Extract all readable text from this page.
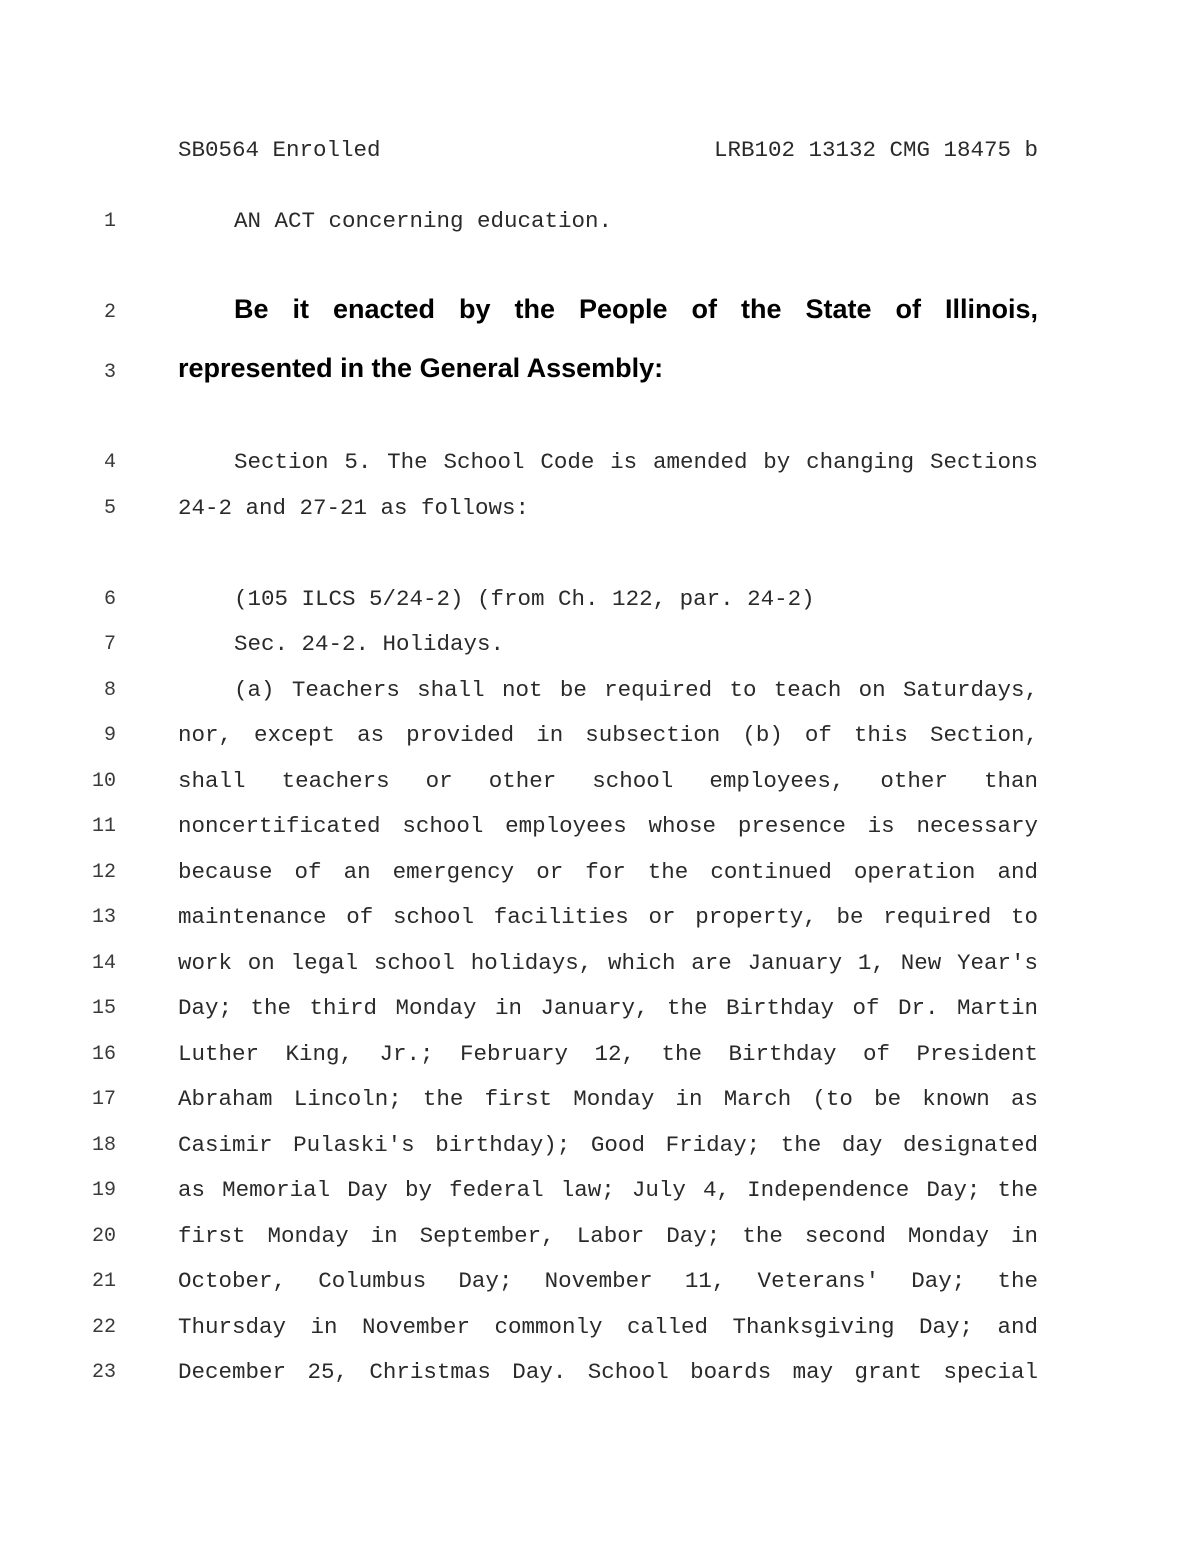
SB0564 Enrolled	LRB102 13132 CMG 18475 b
1	AN ACT concerning education.
2	Be it enacted by the People of the State of Illinois,
3 represented in the General Assembly:
4	Section 5. The School Code is amended by changing Sections
5	24-2 and 27-21 as follows:
6	(105 ILCS 5/24-2) (from Ch. 122, par. 24-2)
7	Sec. 24-2. Holidays.
8	(a) Teachers shall not be required to teach on Saturdays,
9	nor, except as provided in subsection (b) of this Section,
10	shall teachers or other school employees, other than
11	noncertificated school employees whose presence is necessary
12	because of an emergency or for the continued operation and
13	maintenance of school facilities or property, be required to
14	work on legal school holidays, which are January 1, New Year's
15	Day; the third Monday in January, the Birthday of Dr. Martin
16	Luther King, Jr.; February 12, the Birthday of President
17	Abraham Lincoln; the first Monday in March (to be known as
18	Casimir Pulaski's birthday); Good Friday; the day designated
19	as Memorial Day by federal law; July 4, Independence Day; the
20	first Monday in September, Labor Day; the second Monday in
21	October, Columbus Day; November 11, Veterans' Day; the
22	Thursday in November commonly called Thanksgiving Day; and
23	December 25, Christmas Day. School boards may grant special
